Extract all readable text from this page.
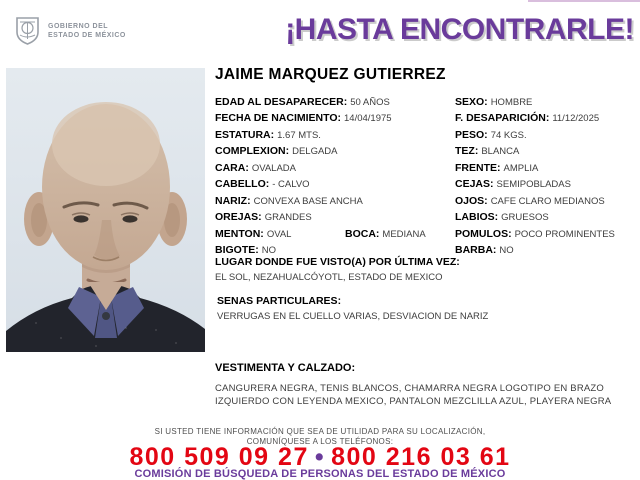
GOBIERNO DEL
ESTADO DE MÉXICO	¡HASTA ENCONTRARLE!
JAIME MARQUEZ GUTIERREZ
EDAD AL DESAPARECER: 50 AÑOS	SEXO: HOMBRE
FECHA DE NACIMIENTO: 14/04/1975	F. DESAPARICIÓN: 11/12/2025
ESTATURA: 1.67 MTS.	PESO: 74 KGS.
COMPLEXION: DELGADA	TEZ: BLANCA
CARA: OVALADA	FRENTE: AMPLIA
CABELLO: - CALVO	CEJAS: SEMIPOBLADAS
NARIZ: CONVEXA BASE ANCHA	OJOS: CAFE CLARO MEDIANOS
OREJAS: GRANDES	LABIOS: GRUESOS
MENTON: OVAL	BOCA: MEDIANA	POMULOS: POCO PROMINENTES
BIGOTE: NO	BARBA: NO
LUGAR DONDE FUE VISTO(A) POR ÚLTIMA VEZ:
EL SOL, NEZAHUALCÓYOTL, ESTADO DE MEXICO
SENAS PARTICULARES:
VERRUGAS EN EL CUELLO VARIAS, DESVIACION DE NARIZ
VESTIMENTA Y CALZADO:
CANGURERA NEGRA, TENIS BLANCOS, CHAMARRA NEGRA LOGOTIPO EN BRAZO IZQUIERDO CON LEYENDA MEXICO, PANTALON MEZCLILLA AZUL, PLAYERA NEGRA
SI USTED TIENE INFORMACIÓN QUE SEA DE UTILIDAD PARA SU LOCALIZACIÓN,
COMUNÍQUESE A LOS TELÉFONOS:
800 509 09 27 • 800 216 03 61
COMISIÓN DE BÚSQUEDA DE PERSONAS DEL ESTADO DE MÉXICO
